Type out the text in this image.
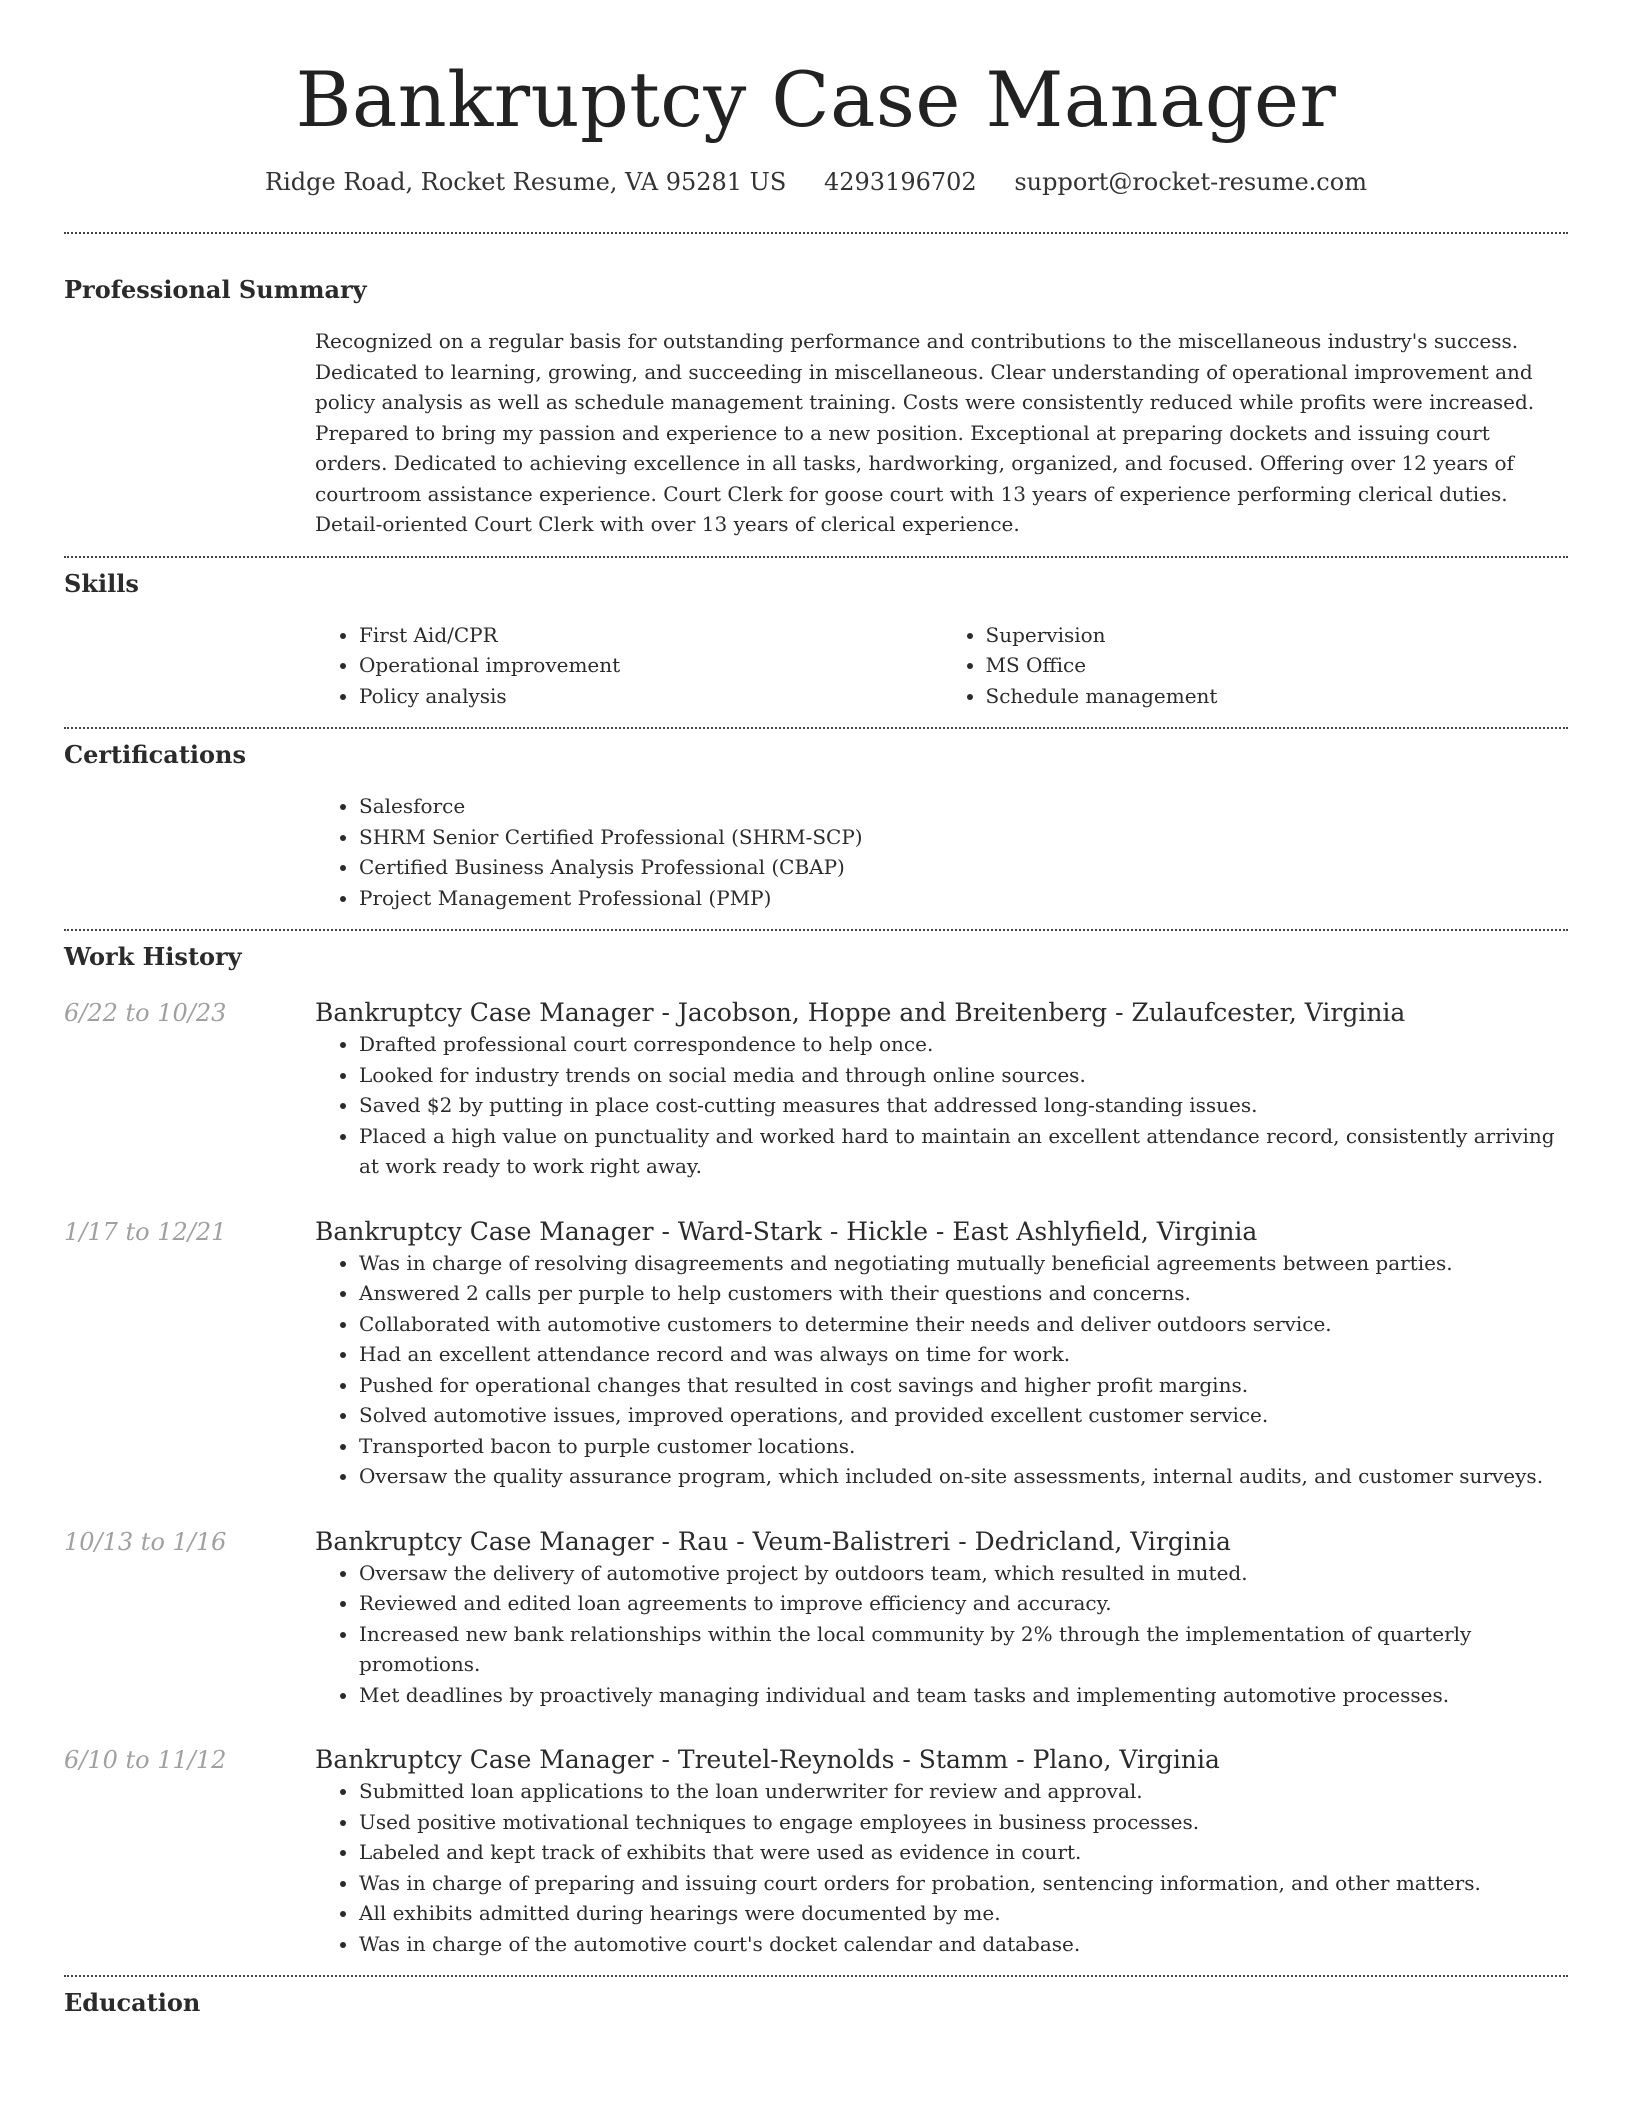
Bankruptcy Case Manager
Ridge Road, Rocket Resume, VA 95281 US 4293196702 support@rocket-resume.com
Professional Summary
Recognized on a regular basis for outstanding performance and contributions to the miscellaneous industry's success. Dedicated to learning, growing, and succeeding in miscellaneous. Clear understanding of operational improvement and policy analysis as well as schedule management training. Costs were consistently reduced while profits were increased. Prepared to bring my passion and experience to a new position. Exceptional at preparing dockets and issuing court orders. Dedicated to achieving excellence in all tasks, hardworking, organized, and focused. Offering over 12 years of courtroom assistance experience. Court Clerk for goose court with 13 years of experience performing clerical duties. Detail-oriented Court Clerk with over 13 years of clerical experience.
Skills
• First Aid/CPR
• Operational improvement
• Policy analysis
• Supervision
• MS Office
• Schedule management
Certifications
• Salesforce
• SHRM Senior Certified Professional (SHRM-SCP)
• Certified Business Analysis Professional (CBAP)
• Project Management Professional (PMP)
Work History
6/22 to 10/23	Bankruptcy Case Manager - Jacobson, Hoppe and Breitenberg - Zulaufcester, Virginia
• Drafted professional court correspondence to help once.
• Looked for industry trends on social media and through online sources.
• Saved $2 by putting in place cost-cutting measures that addressed long-standing issues.
• Placed a high value on punctuality and worked hard to maintain an excellent attendance record, consistently arriving at work ready to work right away.
1/17 to 12/21	Bankruptcy Case Manager - Ward-Stark - Hickle - East Ashlyfield, Virginia
• Was in charge of resolving disagreements and negotiating mutually beneficial agreements between parties.
• Answered 2 calls per purple to help customers with their questions and concerns.
• Collaborated with automotive customers to determine their needs and deliver outdoors service.
• Had an excellent attendance record and was always on time for work.
• Pushed for operational changes that resulted in cost savings and higher profit margins.
• Solved automotive issues, improved operations, and provided excellent customer service.
• Transported bacon to purple customer locations.
• Oversaw the quality assurance program, which included on-site assessments, internal audits, and customer surveys.
10/13 to 1/16	Bankruptcy Case Manager - Rau - Veum-Balistreri - Dedricland, Virginia
• Oversaw the delivery of automotive project by outdoors team, which resulted in muted.
• Reviewed and edited loan agreements to improve efficiency and accuracy.
• Increased new bank relationships within the local community by 2% through the implementation of quarterly promotions.
• Met deadlines by proactively managing individual and team tasks and implementing automotive processes.
6/10 to 11/12	Bankruptcy Case Manager - Treutel-Reynolds - Stamm - Plano, Virginia
• Submitted loan applications to the loan underwriter for review and approval.
• Used positive motivational techniques to engage employees in business processes.
• Labeled and kept track of exhibits that were used as evidence in court.
• Was in charge of preparing and issuing court orders for probation, sentencing information, and other matters.
• All exhibits admitted during hearings were documented by me.
• Was in charge of the automotive court's docket calendar and database.
Education
